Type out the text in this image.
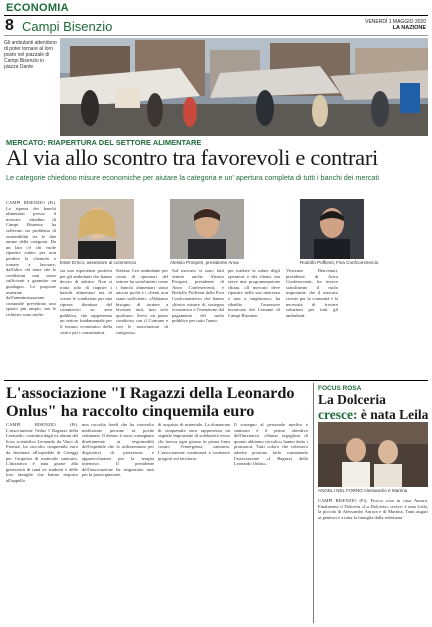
ECONOMIA
8 Campi Bisenzio	VENERDÌ 1 MAGGIO 2020
LA NAZIONE
Gli ambulanti attendono di poter tornare al loro posto nel piazzale di Campi Bisenzio in piazza Dante
MERCATO: RIAPERTURA DEL SETTORE ALIMENTARE
Al via allo scontro tra favorevoli e contrari
Le categorie chiedono misure economiche per aiutare la categoria e un' apertura completa di tutti i banchi dei mercati
CAMPI BISENZIO (Fi). La ripresa dei banchi alimentari presso il mercato cittadino di Campi Bisenzio ha sollevato un problema di sostenibilità tra le due anime della categoria. Da un lato c'è chi vuole ripartire subito per non perdere la clientela e tornare a lavorare, dall'altro chi teme che le condizioni non siano sufficienti a garantire un guadagno. Le proposte avanzate dall'amministrazione comunale prevedono uno spazio più ampio, ma le richieste sono molte.
Ester Errico, assessore al commercio	Alessio Prosperi, presidente Anva	Rodolfo Poffienti, Fiva Confcommercio
sia una esperienza positiva per gli ambulanti che hanno deciso di aderire. Non si tratta solo di riaprire i banchi alimentari ma di creare le condizioni per una ripresa duratura del commercio su area pubblica, che rappresenta un settore fondamentale per il tessuto economico della città e per i consumatori.
Stefano Ceri ambulante per conto di operatori del settore ha sottolineato come i banchi alimentari siano ancora pochi e i clienti non siano sufficienti. «Abbiamo bisogno di tornare a lavorare tutti, non solo qualcuno. Serve un piano condiviso con il Comune e con le associazioni di categoria».
Sul mercato si sono fatti sentire anche Alessio Prosperi, presidente di Anva Confesercenti, e Rodolfo Poffienti della Fiva Confcommercio che hanno chiesto misure di sostegno economico e l'esenzione dal pagamento del suolo pubblico per tutto l'anno.
per tutelare la salute degli operatori e dei clienti, ma serve una programmazione chiara. «Il mercato deve ripartire nella sua interezza e non a singhiozzo» ha ribadito l'assessore incaricato dal Comune di Campi Bisenzio.
Vincenzo Benvenuti, presidente di Anva Confesercenti, ha invece sottolineato il ruolo importante che il mercato riveste per la comunità e la necessità di trovare soluzioni per tutti gli ambulanti.
L'associazione "I Ragazzi della Leonardo Onlus" ha raccolto cinquemila euro
CAMPI BISENZIO (Fi). L'associazione Onlus I Ragazzi della Leonardo, costituita dagli ex alunni del liceo scientifico Leonardo da Vinci di Firenze, ha raccolto cinquemila euro da destinare all'ospedale di Careggi per l'acquisto di materiale sanitario. L'iniziativa è nata grazie alla generosità di tanti ex studenti e delle loro famiglie che hanno risposto all'appello.
una raccolta fondi che ha coinvolto moltissime persone in poche settimane. Il denaro è stato consegnato direttamente ai responsabili dell'ospedale che lo utilizzeranno per dispositivi di protezione e apparecchiature per la terapia intensiva. Il presidente dell'associazione ha ringraziato tutti per la partecipazione.
di acquisto di materiale. La donazione di cinquemila euro rappresenta un segnale importante di solidarietà verso chi lavora ogni giorno in prima linea contro l'emergenza sanitaria. L'associazione continuerà a sostenere progetti sul territorio.
Il sostegno al personale medico e sanitario è il primo obiettivo dell'iniziativa. «Siamo orgogliosi di quanto abbiamo raccolto» hanno detto i promotori. Tutti coloro che volessero aderire possono farlo contattando l'associazione «I Ragazzi della Leonardo Onlus».
FOCUS ROSA
La Dolceria
cresce: è nata Leila
ANGELI NEL FORNO Alessandro e Martina
CAMPI BISENZIO (Fi). Fiocco rosa in casa Aurora. Finalmente il Dolceria «La Dolceria» cresce: è nata Leila, la piccola di Alessandro Aurora e di Martina. Tanti auguri ai genitori e a tutta la famiglia dalla redazione.
